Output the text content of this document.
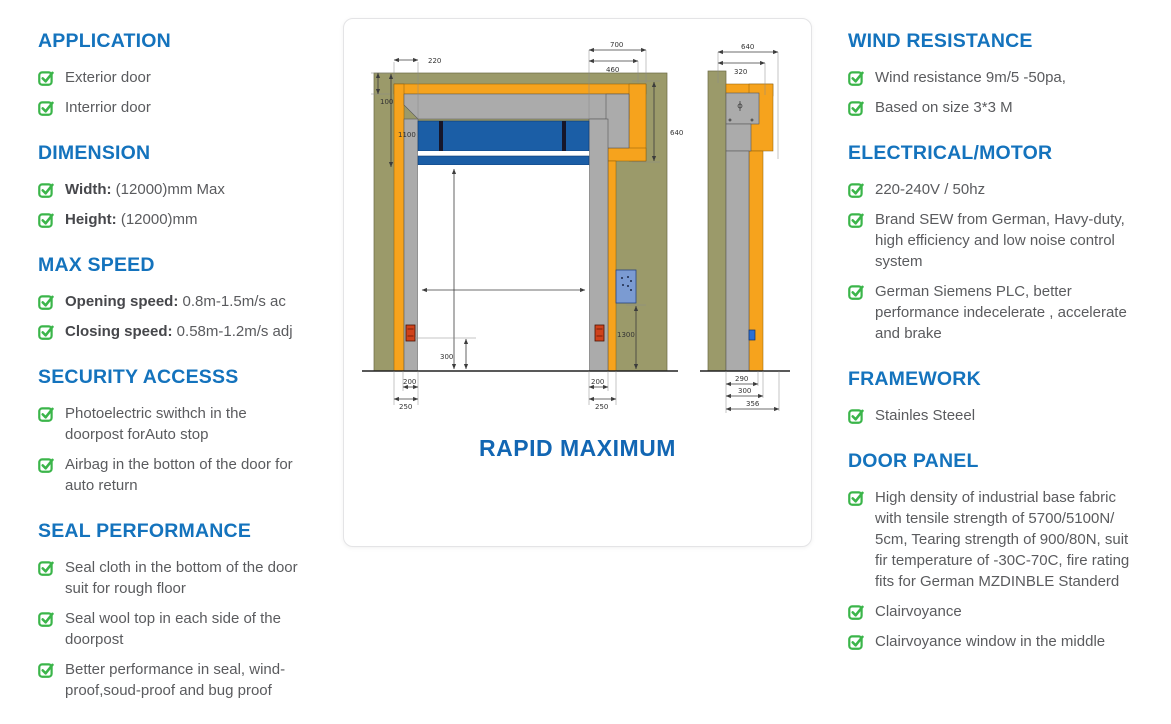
APPLICATION
Exterior door
Interrior door
DIMENSION
Width: (12000)mm Max
Height: (12000)mm
MAX SPEED
Opening speed: 0.8m-1.5m/s ac
Closing speed: 0.58m-1.2m/s adj
SECURITY ACCESSS
Photoelectric swithch in the doorpost forAuto stop
Airbag in the botton of the door for auto return
SEAL PERFORMANCE
Seal cloth in the bottom of the door suit for rough floor
Seal wool top in each side of the doorpost
Better performance in seal, wind-proof,soud-proof and bug proof
220
100
1100
300
1300
700
460
640
200
250
200
250
640
320
290
300
356
RAPID MAXIMUM
WIND RESISTANCE
Wind resistance 9m/5 -50pa,
Based on size 3*3 M
ELECTRICAL/MOTOR
220-240V / 50hz
Brand SEW from German, Havy-duty, high efficiency and low noise control system
German Siemens PLC, better performance indecelerate , accelerate and brake
FRAMEWORK
Stainles Steeel
DOOR PANEL
High density of industrial base fabric with tensile strength of 5700/5100N/ 5cm, Tearing strength of 900/80N, suit fir temperature of -30C-70C, fire rating fits for German MZDINBLE Standerd
Clairvoyance
Clairvoyance window in the middle
